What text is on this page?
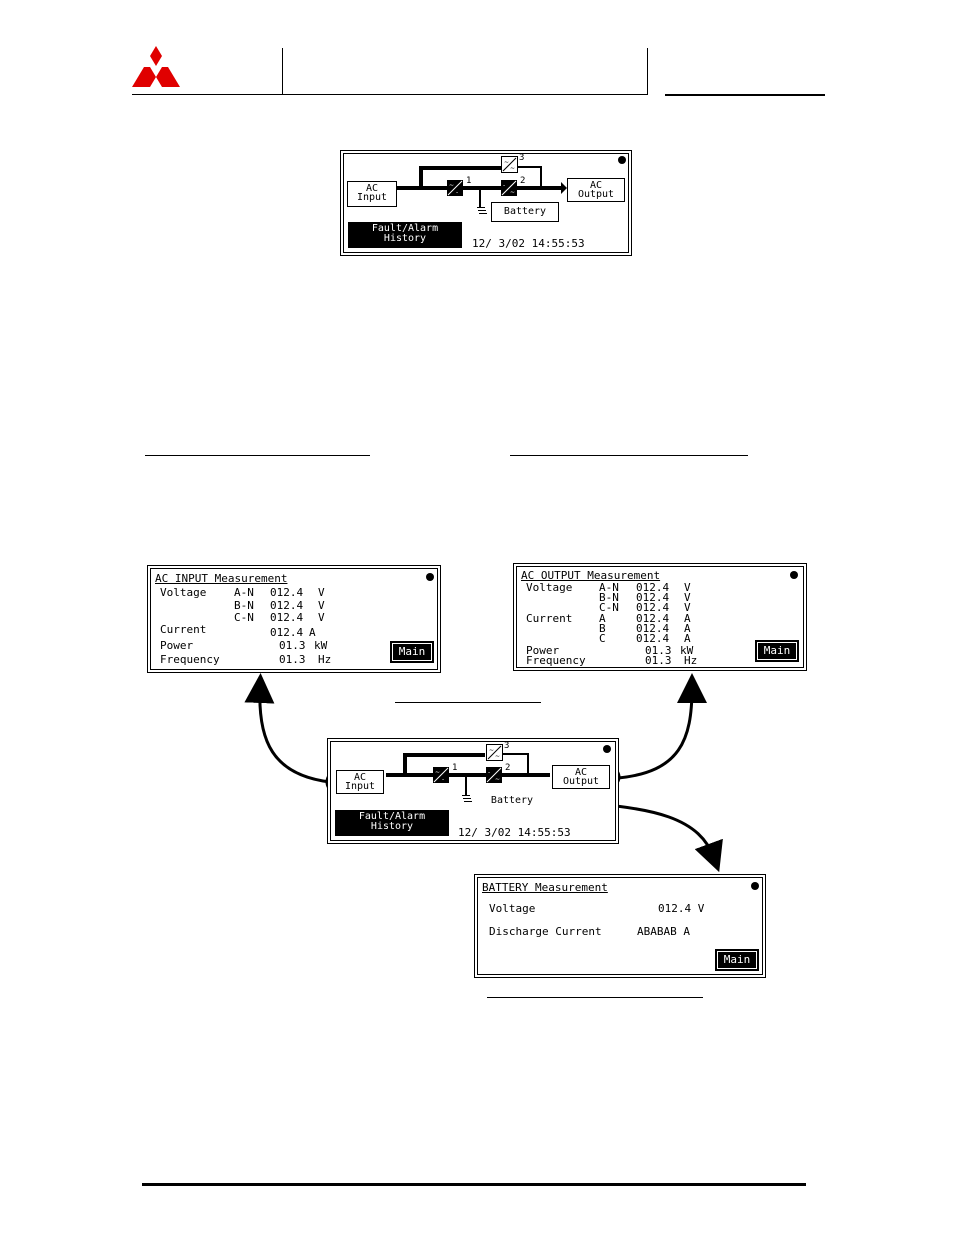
~
-
1	-
~
2
~
~
3
AC
Input
AC
Output
Battery
Fault/Alarm
History	12/ 3/02 14:55:53
AC INPUT Measurement
Voltage	A-N 012.4 V
B-N 012.4 V
C-N 012.4 V
Current	012.4 A
Power	01.3 kW
Frequency	01.3 Hz
Main
AC OUTPUT Measurement
Voltage A-N 012.4 V
B-N 012.4 V
C-N 012.4 V
Current A	012.4 A
B	012.4 A
C	012.4 A
Power	01.3 kW
Frequency	01.3 Hz
Main
~
-
1	-
~
2
~
~
3
AC
Input
AC
Output
Battery
Fault/Alarm
History	12/ 3/02 14:55:53
BATTERY Measurement
Voltage	012.4 V
Discharge Current	ABABAB A
Main
